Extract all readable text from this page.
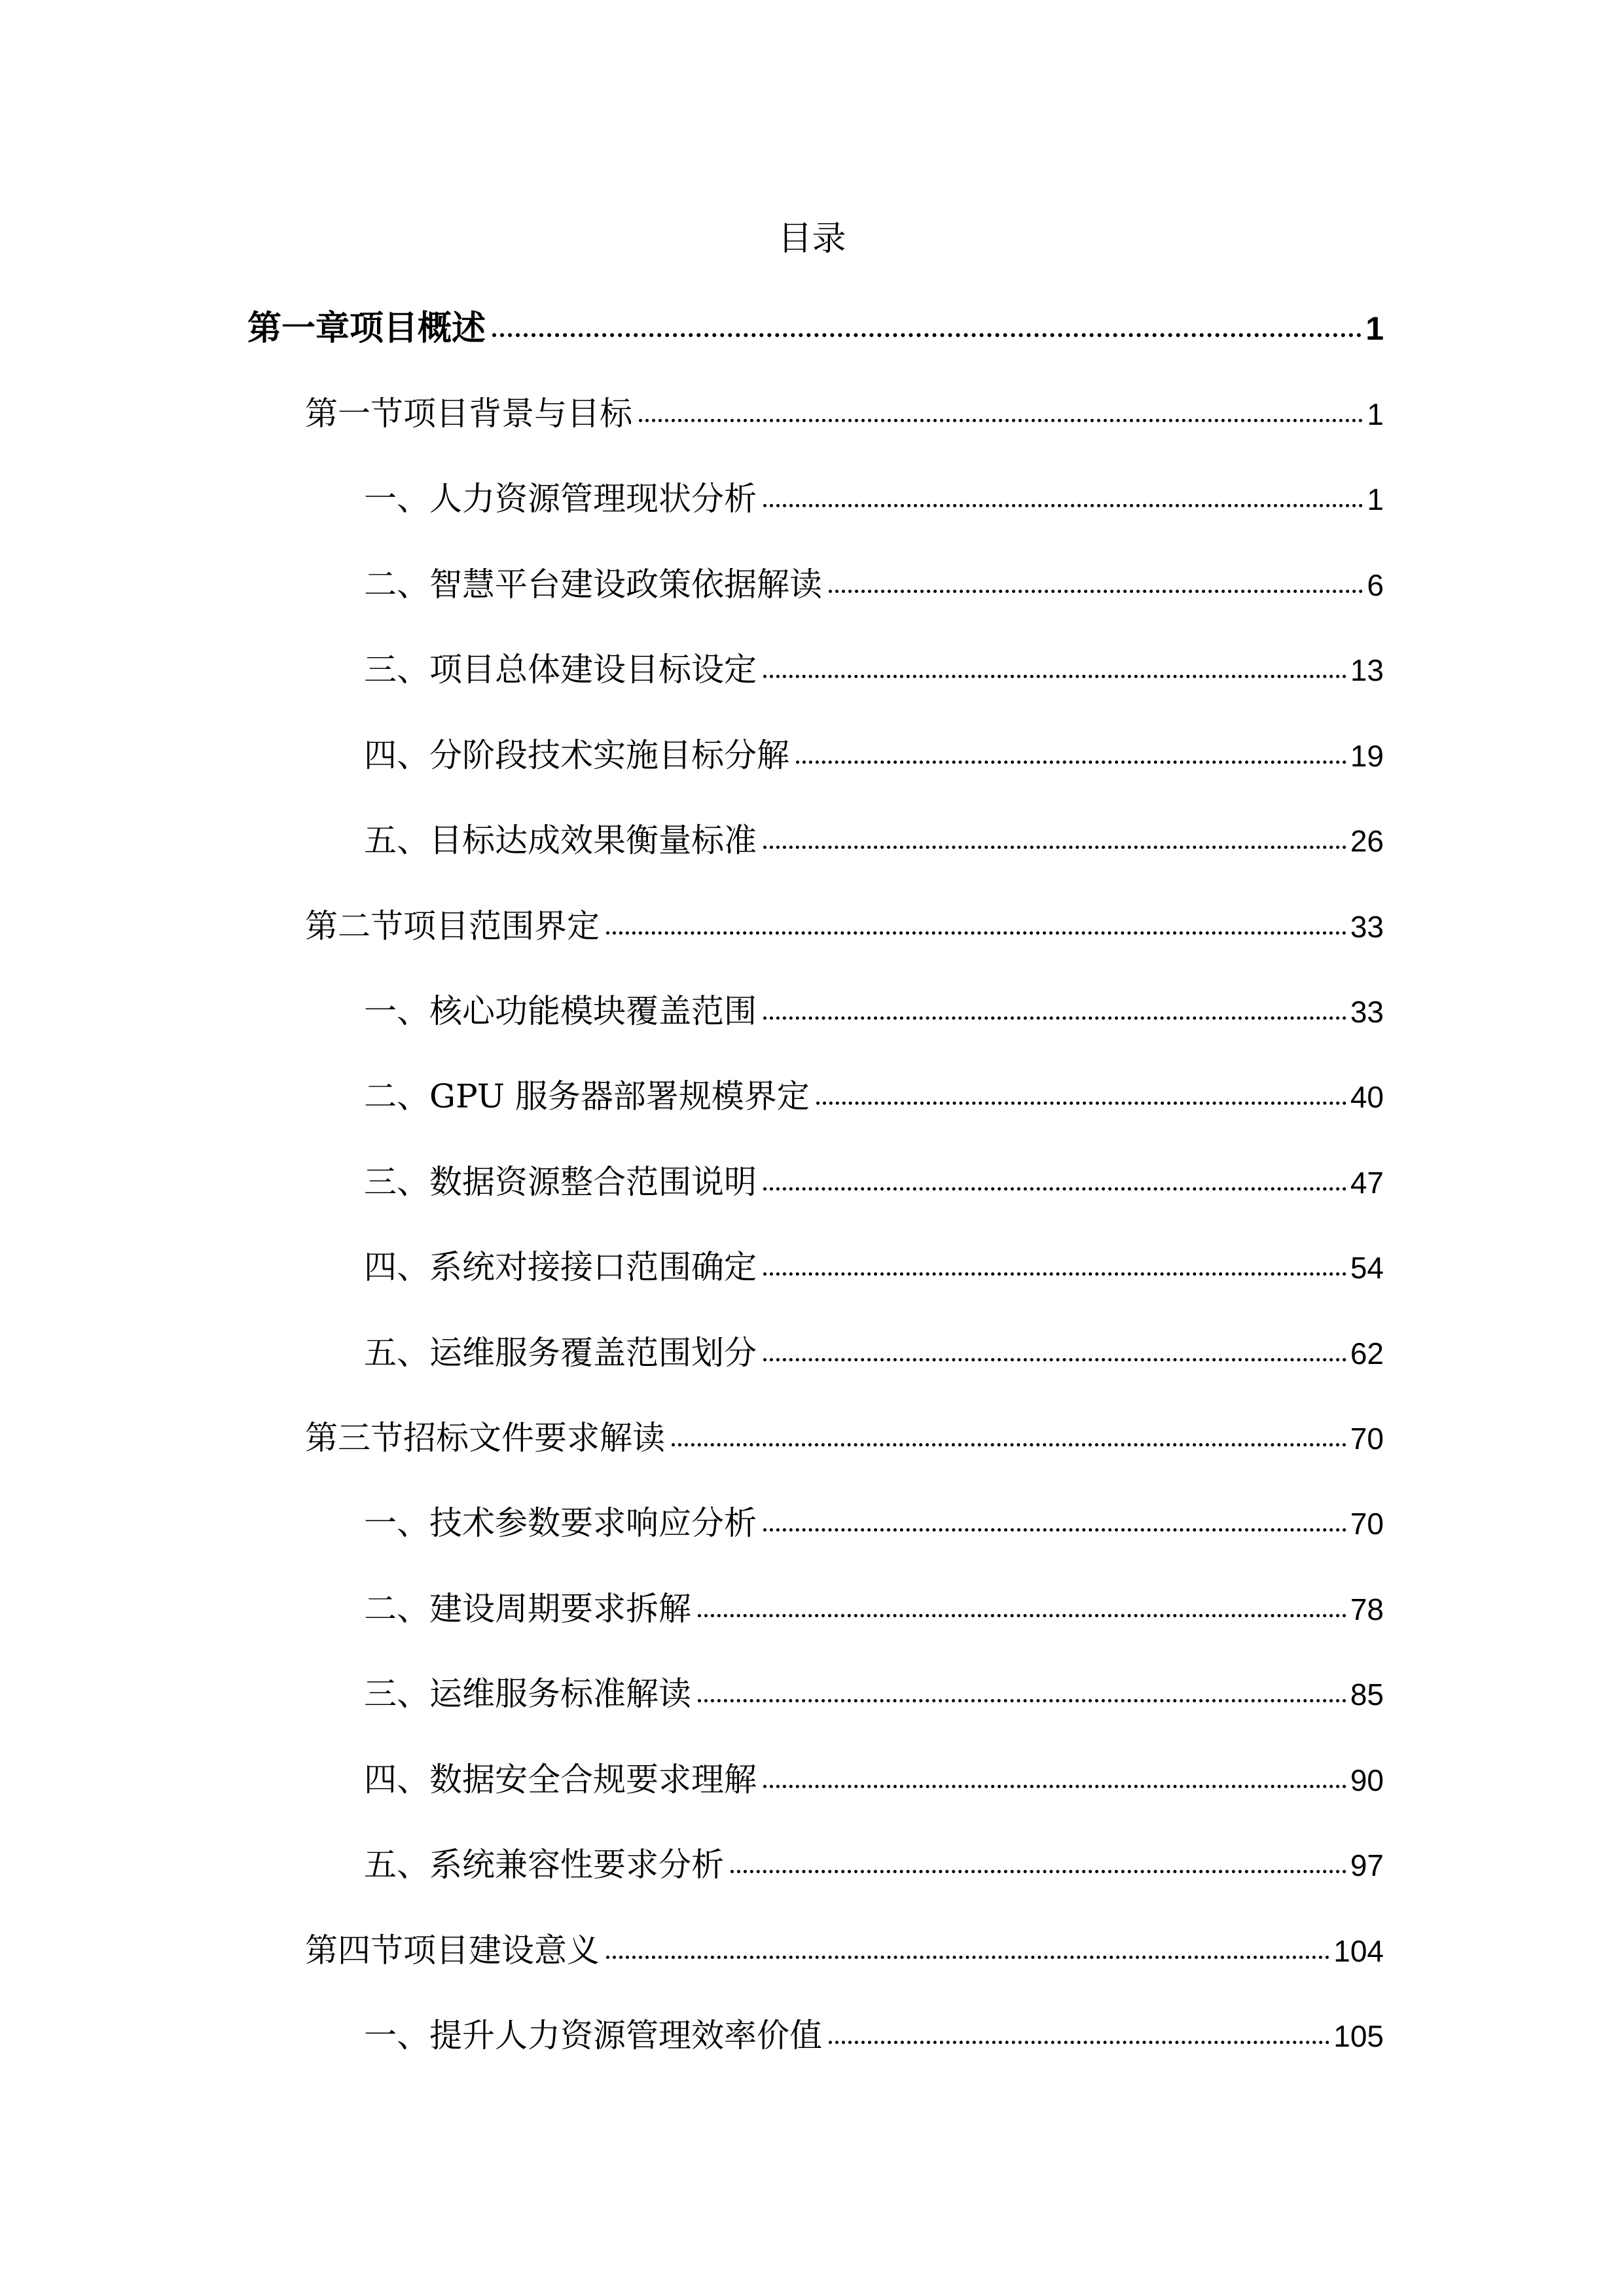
目录
第一章项目概述	1
第一节项目背景与目标	1
一、人力资源管理现状分析	1
二、智慧平台建设政策依据解读	6
三、项目总体建设目标设定	13
四、分阶段技术实施目标分解	19
五、目标达成效果衡量标准	26
第二节项目范围界定	33
一、核心功能模块覆盖范围	33
二、GPU 服务器部署规模界定	40
三、数据资源整合范围说明	47
四、系统对接接口范围确定	54
五、运维服务覆盖范围划分	62
第三节招标文件要求解读	70
一、技术参数要求响应分析	70
二、建设周期要求拆解	78
三、运维服务标准解读	85
四、数据安全合规要求理解	90
五、系统兼容性要求分析	97
第四节项目建设意义	104
一、提升人力资源管理效率价值	105
